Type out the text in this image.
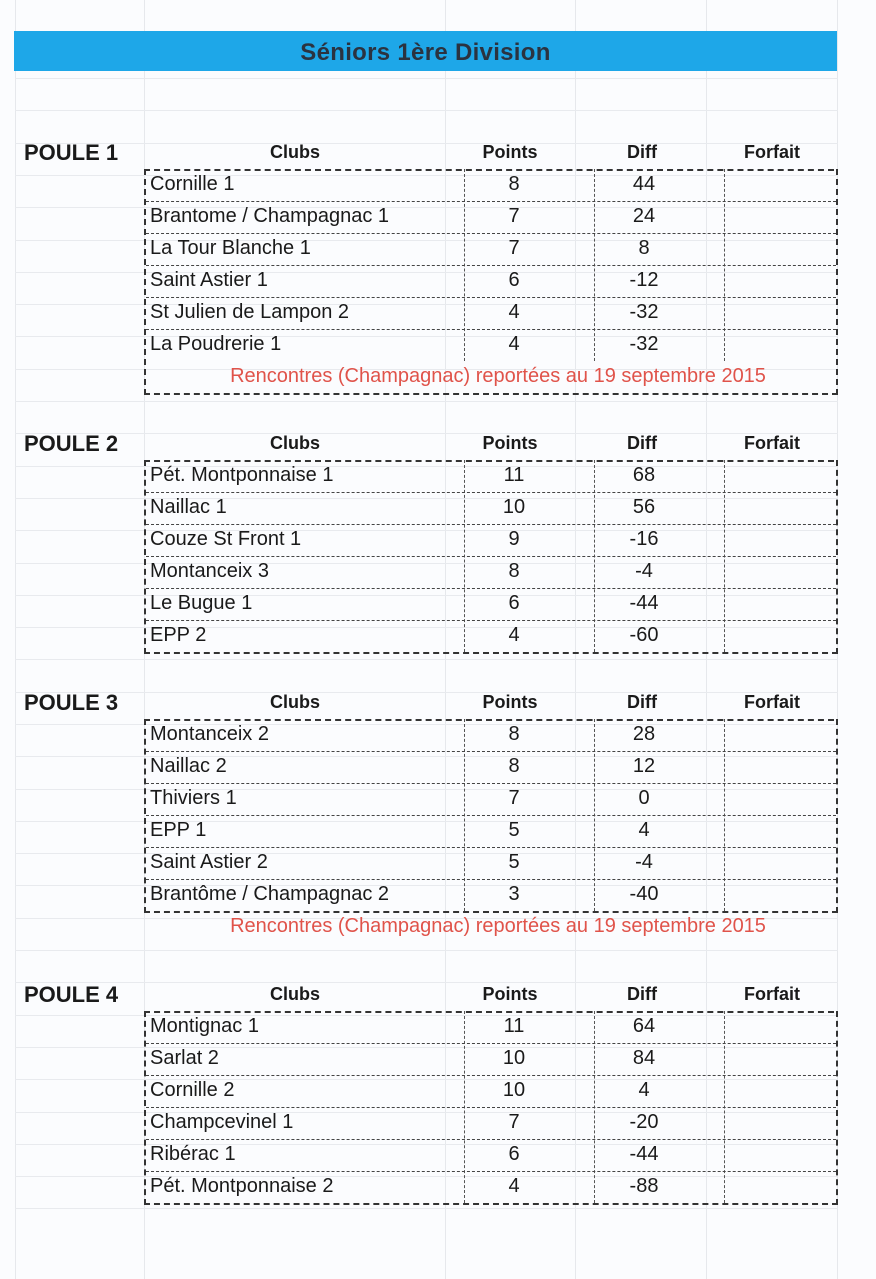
Séniors 1ère Division
POULE 1	Clubs	Points	Diff	Forfait
Cornille 1	8	44
Brantome / Champagnac 1	7	24
La Tour Blanche 1	7	8
Saint Astier 1	6	-12
St Julien de Lampon 2	4	-32
La Poudrerie 1	4	-32
Rencontres (Champagnac) reportées au 19 septembre 2015
POULE 2	Clubs	Points	Diff	Forfait
Pét. Montponnaise 1	11	68
Naillac 1	10	56
Couze St Front 1	9	-16
Montanceix 3	8	-4
Le Bugue 1	6	-44
EPP 2	4	-60
POULE 3	Clubs	Points	Diff	Forfait
Montanceix 2	8	28
Naillac 2	8	12
Thiviers 1	7	0
EPP 1	5	4
Saint Astier 2	5	-4
Brantôme / Champagnac 2	3	-40
Rencontres (Champagnac) reportées au 19 septembre 2015
POULE 4	Clubs	Points	Diff	Forfait
Montignac 1	11	64
Sarlat 2	10	84
Cornille 2	10	4
Champcevinel 1	7	-20
Ribérac 1	6	-44
Pét. Montponnaise 2	4	-88
